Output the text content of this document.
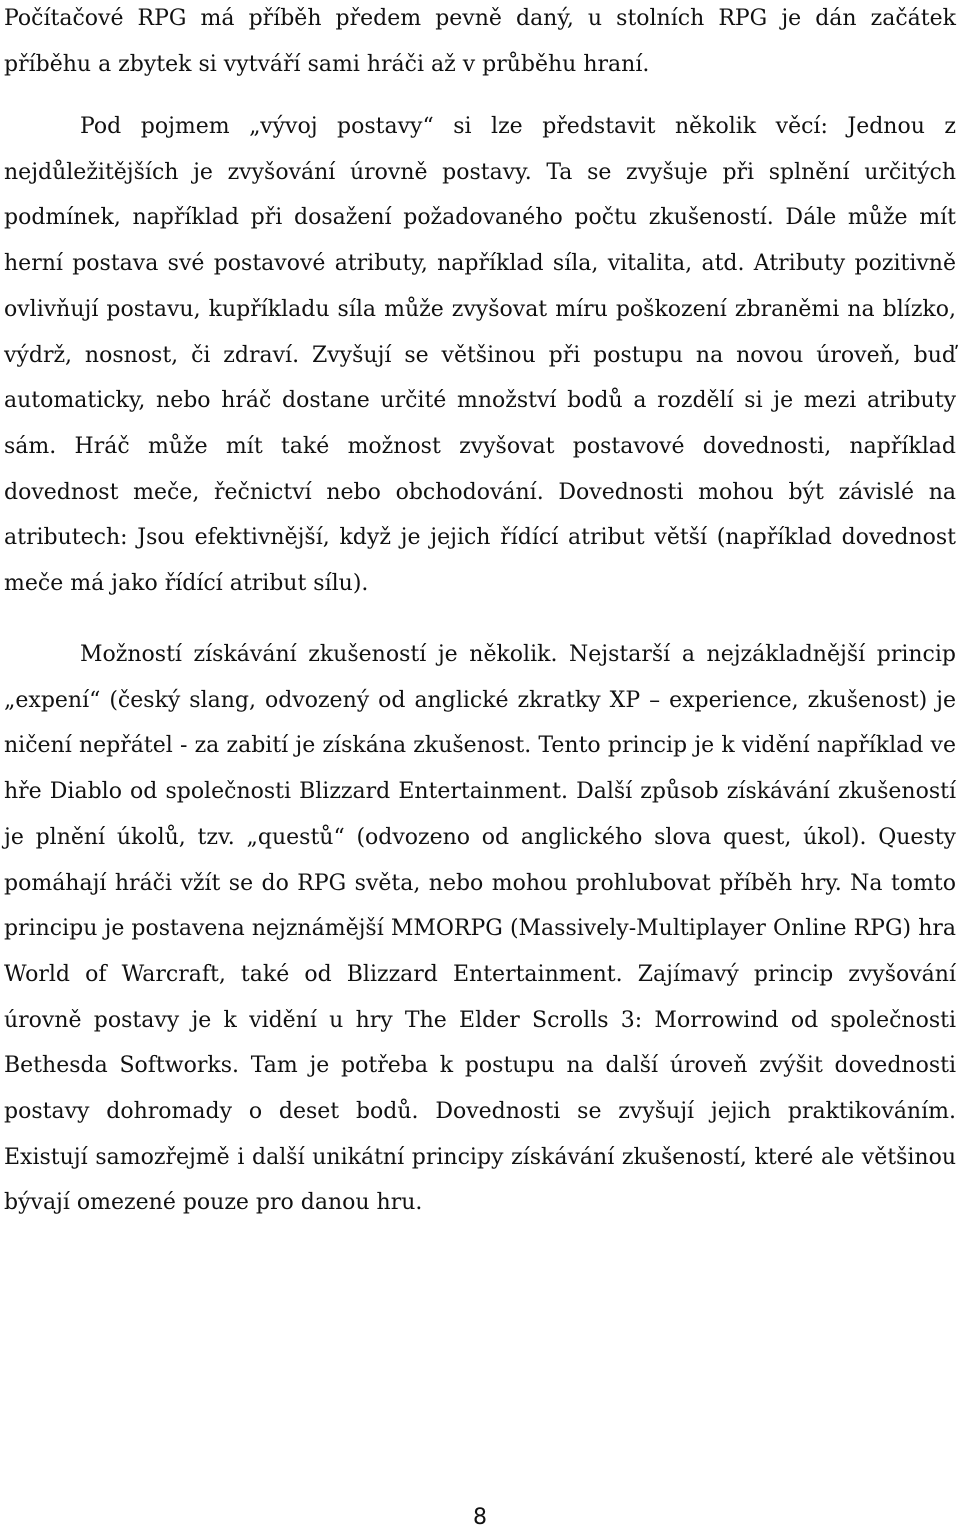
Počítačové RPG má příběh předem pevně daný, u stolních RPG je dán začátek příběhu a zbytek si vytváří sami hráči až v průběhu hraní.

Pod pojmem „vývoj postavy“ si lze představit několik věcí: Jednou z nejdůležitějších je zvyšování úrovně postavy. Ta se zvyšuje při splnění určitých podmínek, například při dosažení požadovaného počtu zkušeností. Dále může mít herní postava své postavové atributy, například síla, vitalita, atd. Atributy pozitivně ovlivňují postavu, kupříkladu síla může zvyšovat míru poškození zbraněmi na blízko, výdrž, nosnost, či zdraví. Zvyšují se většinou při postupu na novou úroveň, buď automaticky, nebo hráč dostane určité množství bodů a rozdělí si je mezi atributy sám. Hráč může mít také možnost zvyšovat postavové dovednosti, například dovednost meče, řečnictví nebo obchodování. Dovednosti mohou být závislé na atributech: Jsou efektivnější, když je jejich řídící atribut větší (například dovednost meče má jako řídící atribut sílu).

Možností získávání zkušeností je několik. Nejstarší a nejzákladnější princip „expení“ (český slang, odvozený od anglické zkratky XP – experience, zkušenost) je ničení nepřátel - za zabití je získána zkušenost. Tento princip je k vidění například ve hře Diablo od společnosti Blizzard Entertainment. Další způsob získávání zkušeností je plnění úkolů, tzv. „questů“ (odvozeno od anglického slova quest, úkol). Questy pomáhají hráči vžít se do RPG světa, nebo mohou prohlubovat příběh hry. Na tomto principu je postavena nejznámější MMORPG (Massively-Multiplayer Online RPG) hra World of Warcraft, také od Blizzard Entertainment. Zajímavý princip zvyšování úrovně postavy je k vidění u hry The Elder Scrolls 3: Morrowind od společnosti Bethesda Softworks. Tam je potřeba k postupu na další úroveň zvýšit dovednosti postavy dohromady o deset bodů. Dovednosti se zvyšují jejich praktikováním. Existují samozřejmě i další unikátní principy získávání zkušeností, které ale většinou bývají omezené pouze pro danou hru.

8
